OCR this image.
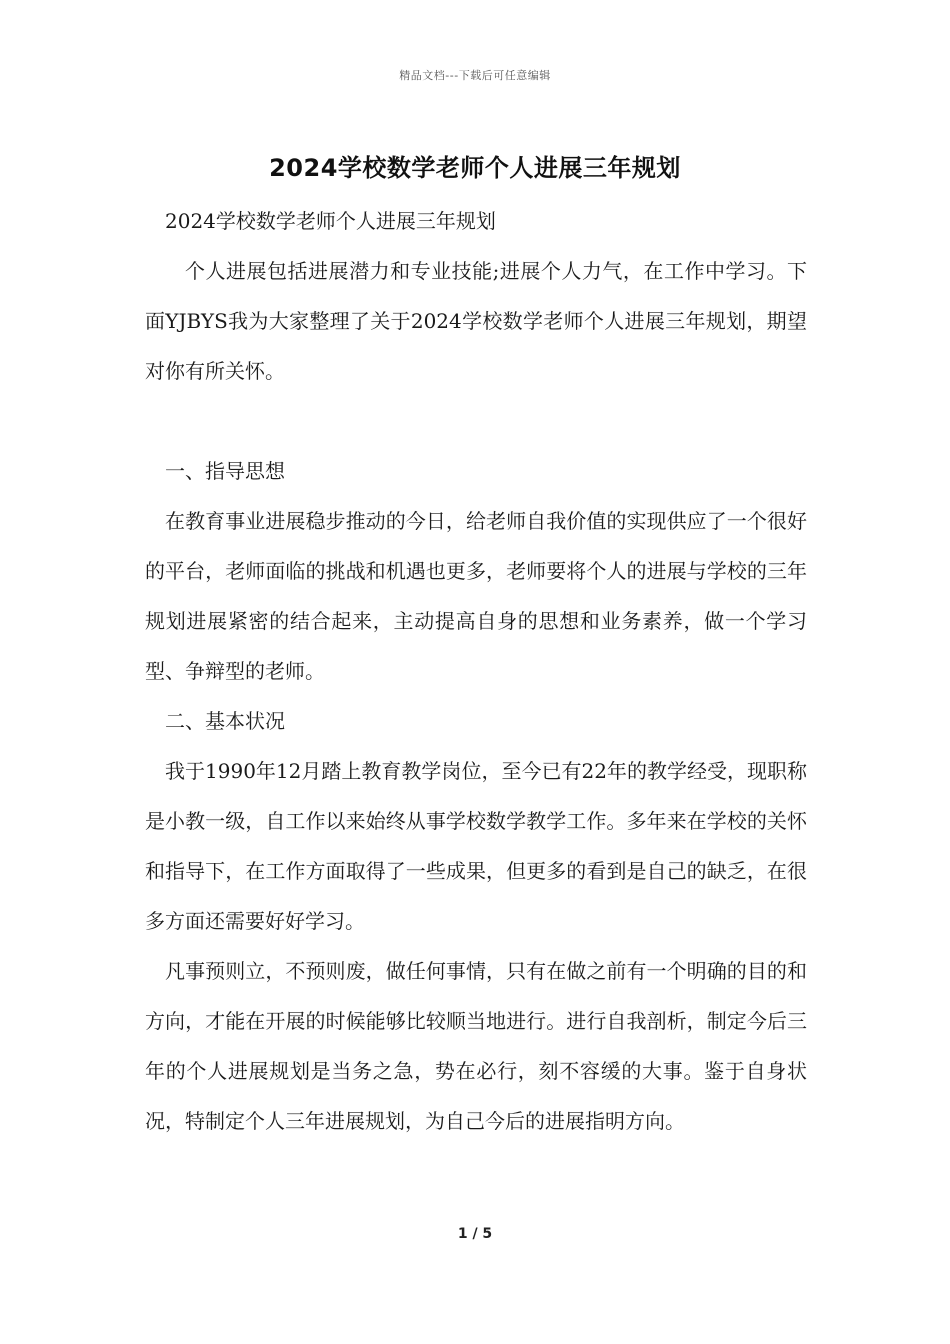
精品文档---下载后可任意编辑
2024学校数学老师个人进展三年规划

2024学校数学老师个人进展三年规划

个人进展包括进展潜力和专业技能;进展个人力气，在工作中学习。下面YJBYS我为大家整理了关于2024学校数学老师个人进展三年规划，期望对你有所关怀。

一、指导思想

在教育事业进展稳步推动的今日，给老师自我价值的实现供应了一个很好的平台，老师面临的挑战和机遇也更多，老师要将个人的进展与学校的三年规划进展紧密的结合起来，主动提高自身的思想和业务素养，做一个学习型、争辩型的老师。

二、基本状况

我于1990年12月踏上教育教学岗位，至今已有22年的教学经受，现职称是小教一级，自工作以来始终从事学校数学教学工作。多年来在学校的关怀和指导下，在工作方面取得了一些成果，但更多的看到是自己的缺乏，在很多方面还需要好好学习。

凡事预则立，不预则废，做任何事情，只有在做之前有一个明确的目的和方向，才能在开展的时候能够比较顺当地进行。进行自我剖析，制定今后三年的个人进展规划是当务之急，势在必行，刻不容缓的大事。鉴于自身状况，特制定个人三年进展规划，为自己今后的进展指明方向。

1 / 5
